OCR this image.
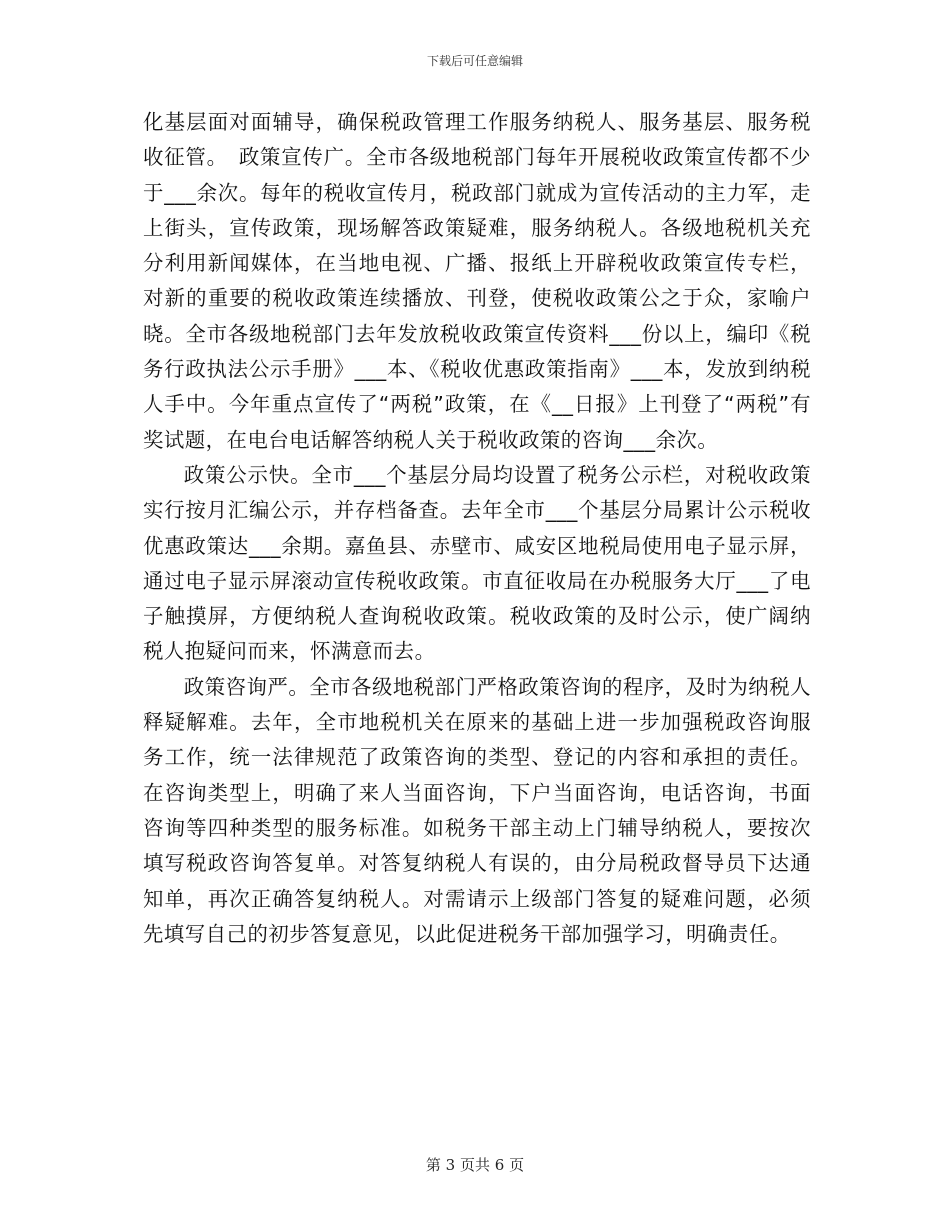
下载后可任意编辑

化基层面对面辅导，确保税政管理工作服务纳税人、服务基层、服务税收征管。　政策宣传广。全市各级地税部门每年开展税收政策宣传都不少于___余次。每年的税收宣传月，税政部门就成为宣传活动的主力军，走上街头，宣传政策，现场解答政策疑难，服务纳税人。各级地税机关充分利用新闻媒体，在当地电视、广播、报纸上开辟税收政策宣传专栏，对新的重要的税收政策连续播放、刊登，使税收政策公之于众，家喻户晓。全市各级地税部门去年发放税收政策宣传资料___份以上，编印《税务行政执法公示手册》___本、《税收优惠政策指南》___本，发放到纳税人手中。今年重点宣传了“两税”政策，在《__日报》上刊登了“两税”有奖试题，在电台电话解答纳税人关于税收政策的咨询___余次。

政策公示快。全市___个基层分局均设置了税务公示栏，对税收政策实行按月汇编公示，并存档备查。去年全市___个基层分局累计公示税收优惠政策达___余期。嘉鱼县、赤壁市、咸安区地税局使用电子显示屏，通过电子显示屏滚动宣传税收政策。市直征收局在办税服务大厅___了电子触摸屏，方便纳税人查询税收政策。税收政策的及时公示，使广阔纳税人抱疑问而来，怀满意而去。

政策咨询严。全市各级地税部门严格政策咨询的程序，及时为纳税人释疑解难。去年，全市地税机关在原来的基础上进一步加强税政咨询服务工作，统一法律规范了政策咨询的类型、登记的内容和承担的责任。在咨询类型上，明确了来人当面咨询，下户当面咨询，电话咨询，书面咨询等四种类型的服务标准。如税务干部主动上门辅导纳税人，要按次填写税政咨询答复单。对答复纳税人有误的，由分局税政督导员下达通知单，再次正确答复纳税人。对需请示上级部门答复的疑难问题，必须先填写自己的初步答复意见，以此促进税务干部加强学习，明确责任。

第 3 页共 6 页
